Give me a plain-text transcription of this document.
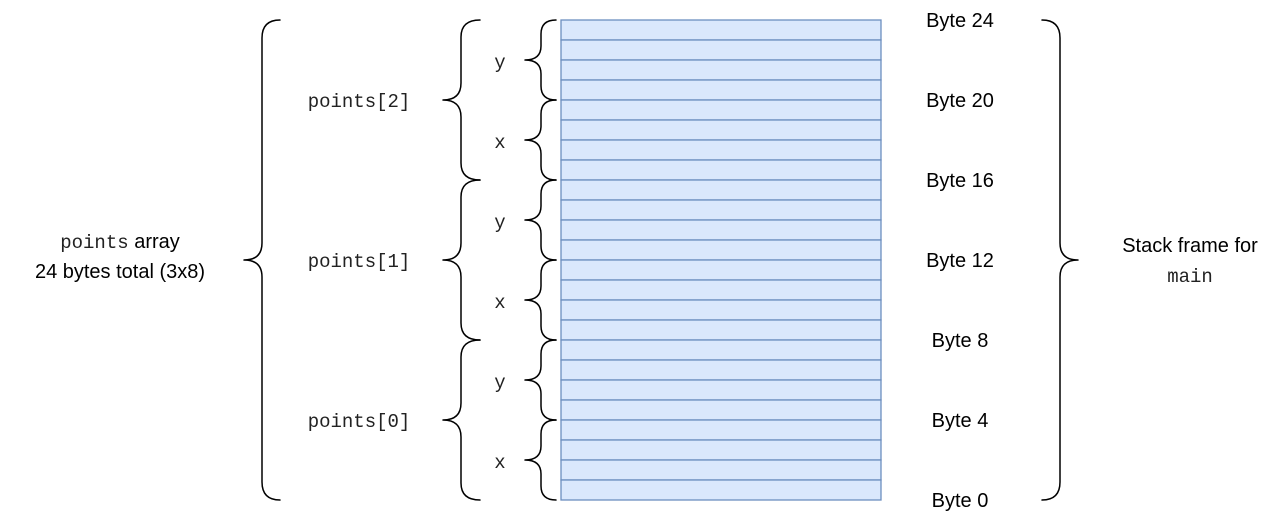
y
x
y
x
y
x
points[2]
points[1]
points[0]
points array
24 bytes total (3x8)
Byte 24
Byte 20
Byte 16
Byte 12
Byte 8
Byte 4
Byte 0
Stack frame for
main
